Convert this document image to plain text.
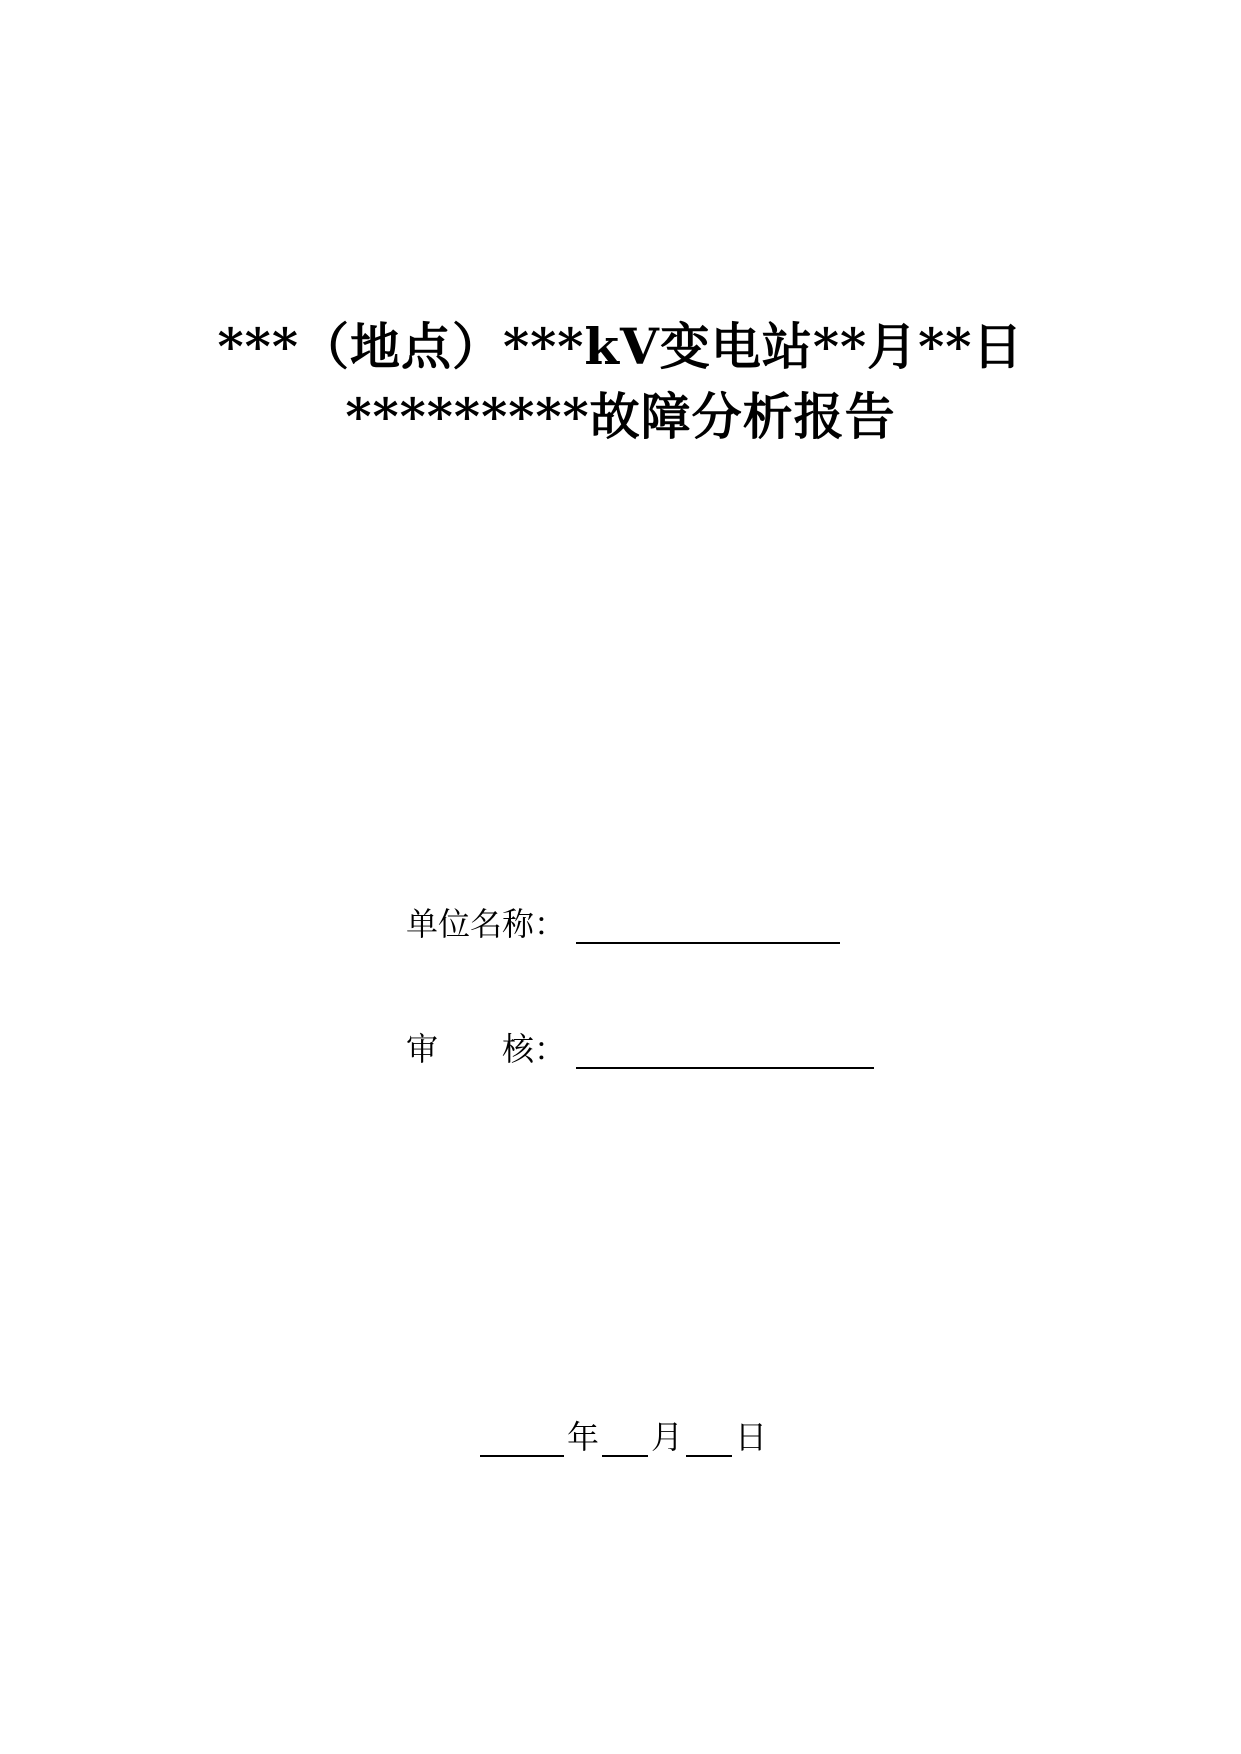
***（地点）***kV变电站**月**日
*********故障分析报告
单位名称：
审　　核：
年 月 日
